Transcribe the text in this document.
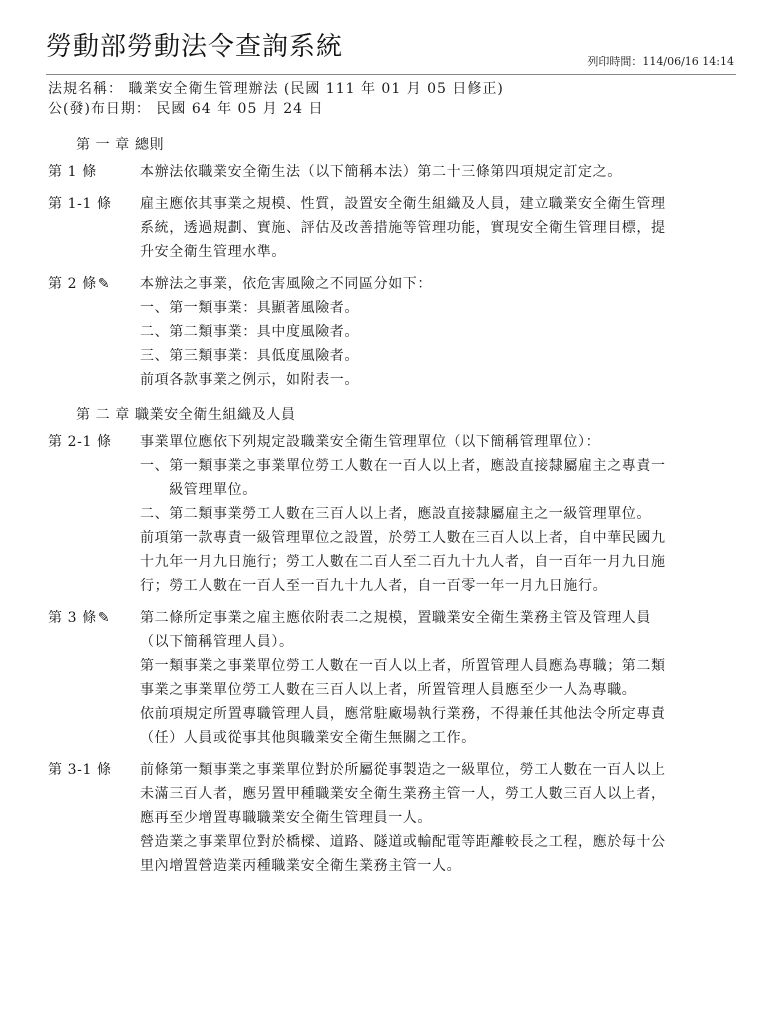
勞動部勞動法令查詢系統	列印時間：114/06/16 14:14
法規名稱： 職業安全衛生管理辦法 (民國 111 年 01 月 05 日修正)
公(發)布日期： 民國 64 年 05 月 24 日
第 一 章 總則
第 1 條	本辦法依職業安全衛生法（以下簡稱本法）第二十三條第四項規定訂定之。

第 1-1 條	雇主應依其事業之規模、性質，設置安全衛生組織及人員，建立職業安全衛生管理系統，透過規劃、實施、評估及改善措施等管理功能，實現安全衛生管理目標，提升安全衛生管理水準。

第 2 條✎	本辦法之事業，依危害風險之不同區分如下：

一、 第一類事業：具顯著風險者。
二、 第二類事業：具中度風險者。
三、 第三類事業：具低度風險者。

前項各款事業之例示，如附表一。

第 二 章 職業安全衛生組織及人員
第 2-1 條	事業單位應依下列規定設職業安全衛生管理單位（以下簡稱管理單位）：

一、 第一類事業之事業單位勞工人數在一百人以上者，應設直接隸屬雇主之專責一級管理單位。
二、 第二類事業勞工人數在三百人以上者，應設直接隸屬雇主之一級管理單位。

前項第一款專責一級管理單位之設置，於勞工人數在三百人以上者，自中華民國九十九年一月九日施行；勞工人數在二百人至二百九十九人者，自一百年一月九日施行；勞工人數在一百人至一百九十九人者，自一百零一年一月九日施行。

第 3 條✎	第二條所定事業之雇主應依附表二之規模，置職業安全衛生業務主管及管理人員（以下簡稱管理人員）。

第一類事業之事業單位勞工人數在一百人以上者，所置管理人員應為專職；第二類事業之事業單位勞工人數在三百人以上者，所置管理人員應至少一人為專職。

依前項規定所置專職管理人員，應常駐廠場執行業務，不得兼任其他法令所定專責（任）人員或從事其他與職業安全衛生無關之工作。

第 3-1 條	前條第一類事業之事業單位對於所屬從事製造之一級單位，勞工人數在一百人以上未滿三百人者，應另置甲種職業安全衛生業務主管一人，勞工人數三百人以上者，應再至少增置專職職業安全衛生管理員一人。

營造業之事業單位對於橋樑、道路、隧道或輸配電等距離較長之工程，應於每十公里內增置營造業丙種職業安全衛生業務主管一人。
